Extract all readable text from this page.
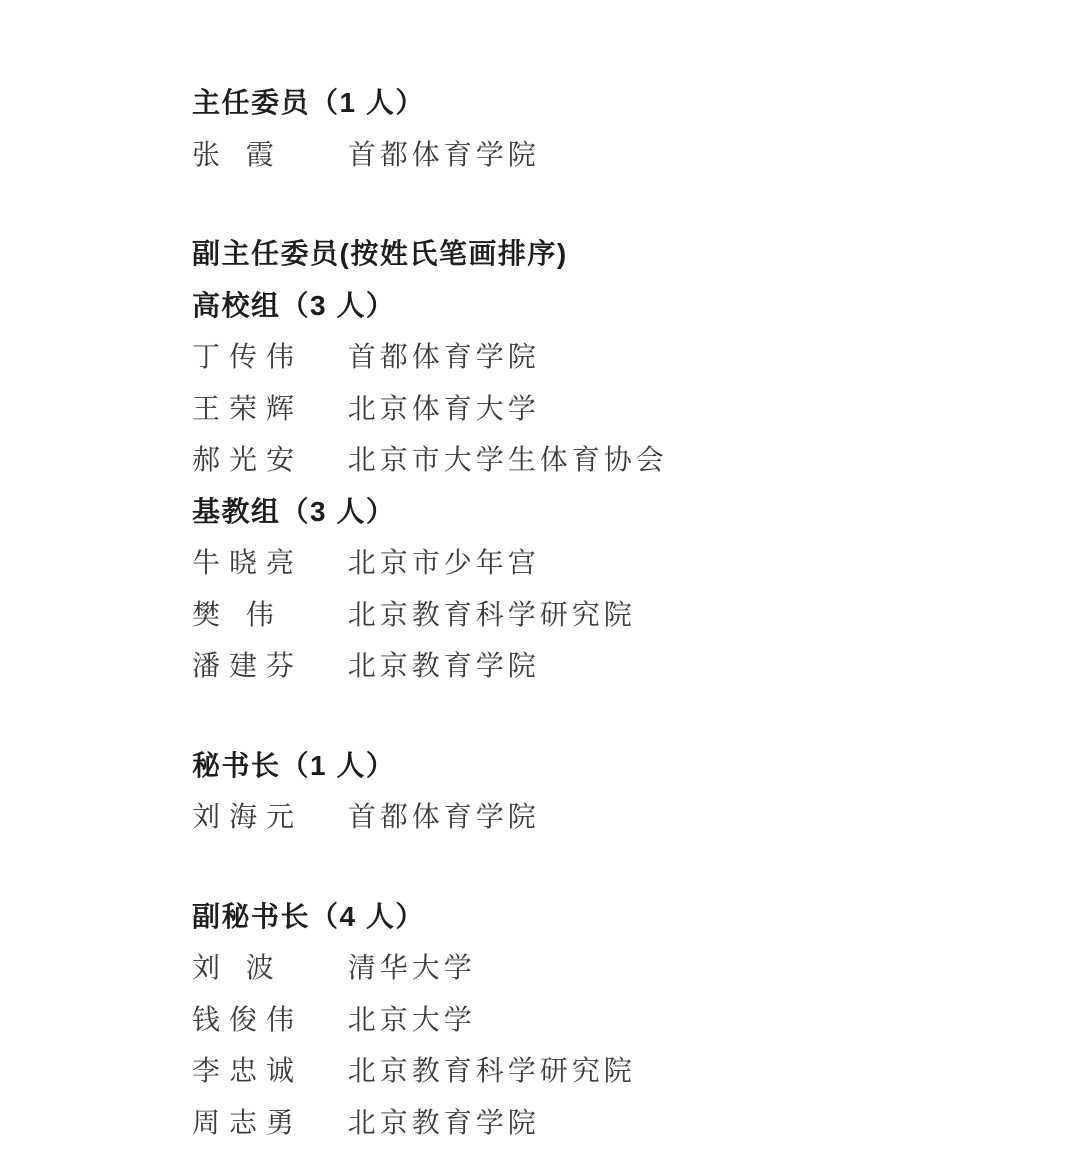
主任委员（1 人）
张 霞 首都体育学院
副主任委员(按姓氏笔画排序)
高校组（3 人）
丁传伟 首都体育学院
王荣辉 北京体育大学
郝光安 北京市大学生体育协会
基教组（3 人）
牛晓亮 北京市少年宫
樊 伟 北京教育科学研究院
潘建芬 北京教育学院
秘书长（1 人）
刘海元 首都体育学院
副秘书长（4 人）
刘 波 清华大学
钱俊伟 北京大学
李忠诚 北京教育科学研究院
周志勇 北京教育学院
